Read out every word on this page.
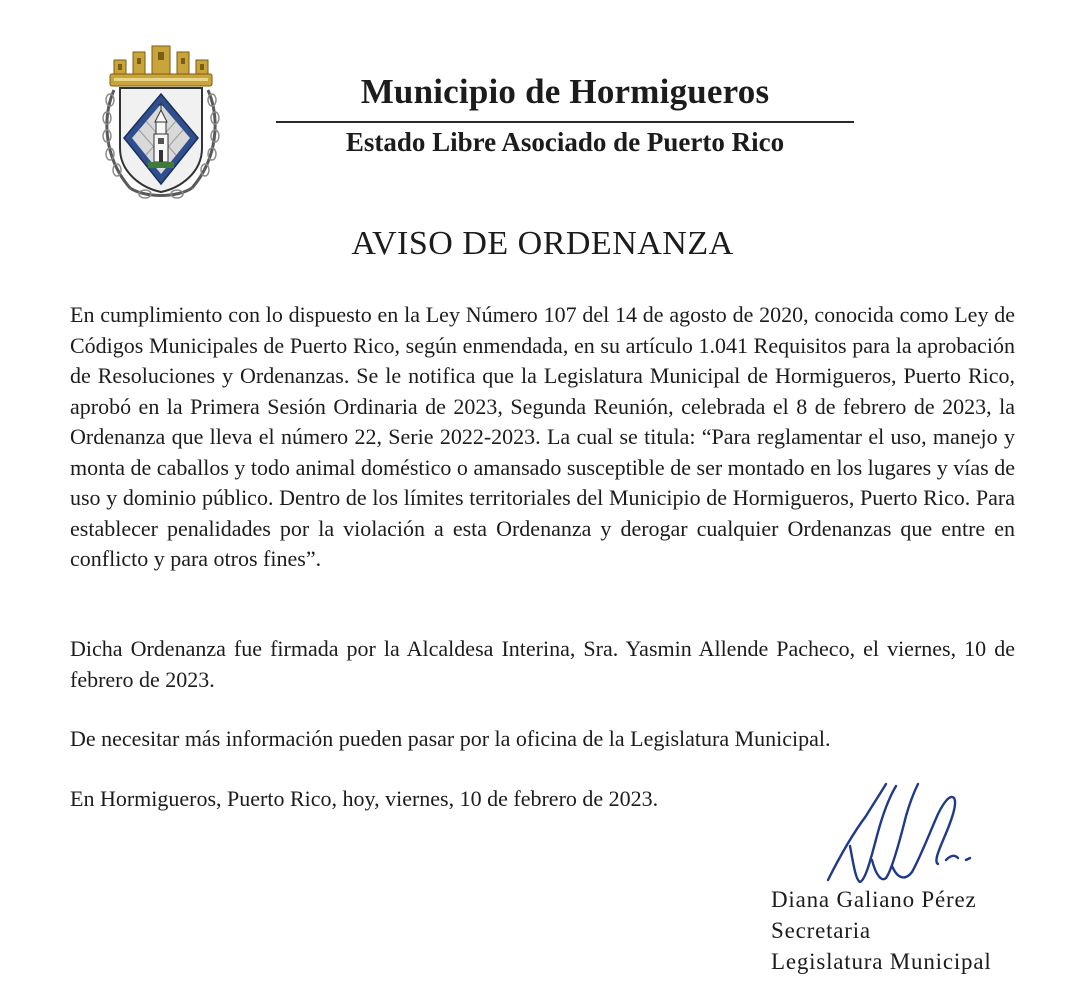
Municipio de Hormigueros
Estado Libre Asociado de Puerto Rico
AVISO DE ORDENANZA

En cumplimiento con lo dispuesto en la Ley Número 107 del 14 de agosto de 2020, conocida como Ley de Códigos Municipales de Puerto Rico, según enmendada, en su artículo 1.041 Requisitos para la aprobación de Resoluciones y Ordenanzas. Se le notifica que la Legislatura Municipal de Hormigueros, Puerto Rico, aprobó en la Primera Sesión Ordinaria de 2023, Segunda Reunión, celebrada el 8 de febrero de 2023, la Ordenanza que lleva el número 22, Serie 2022-2023. La cual se titula: “Para reglamentar el uso, manejo y monta de caballos y todo animal doméstico o amansado susceptible de ser montado en los lugares y vías de uso y dominio público. Dentro de los límites territoriales del Municipio de Hormigueros, Puerto Rico. Para establecer penalidades por la violación a esta Ordenanza y derogar cualquier Ordenanzas que entre en conflicto y para otros fines”.

Dicha Ordenanza fue firmada por la Alcaldesa Interina, Sra. Yasmin Allende Pacheco, el viernes, 10 de febrero de 2023.

De necesitar más información pueden pasar por la oficina de la Legislatura Municipal.

En Hormigueros, Puerto Rico, hoy, viernes, 10 de febrero de 2023.

Diana Galiano Pérez
Secretaria
Legislatura Municipal
